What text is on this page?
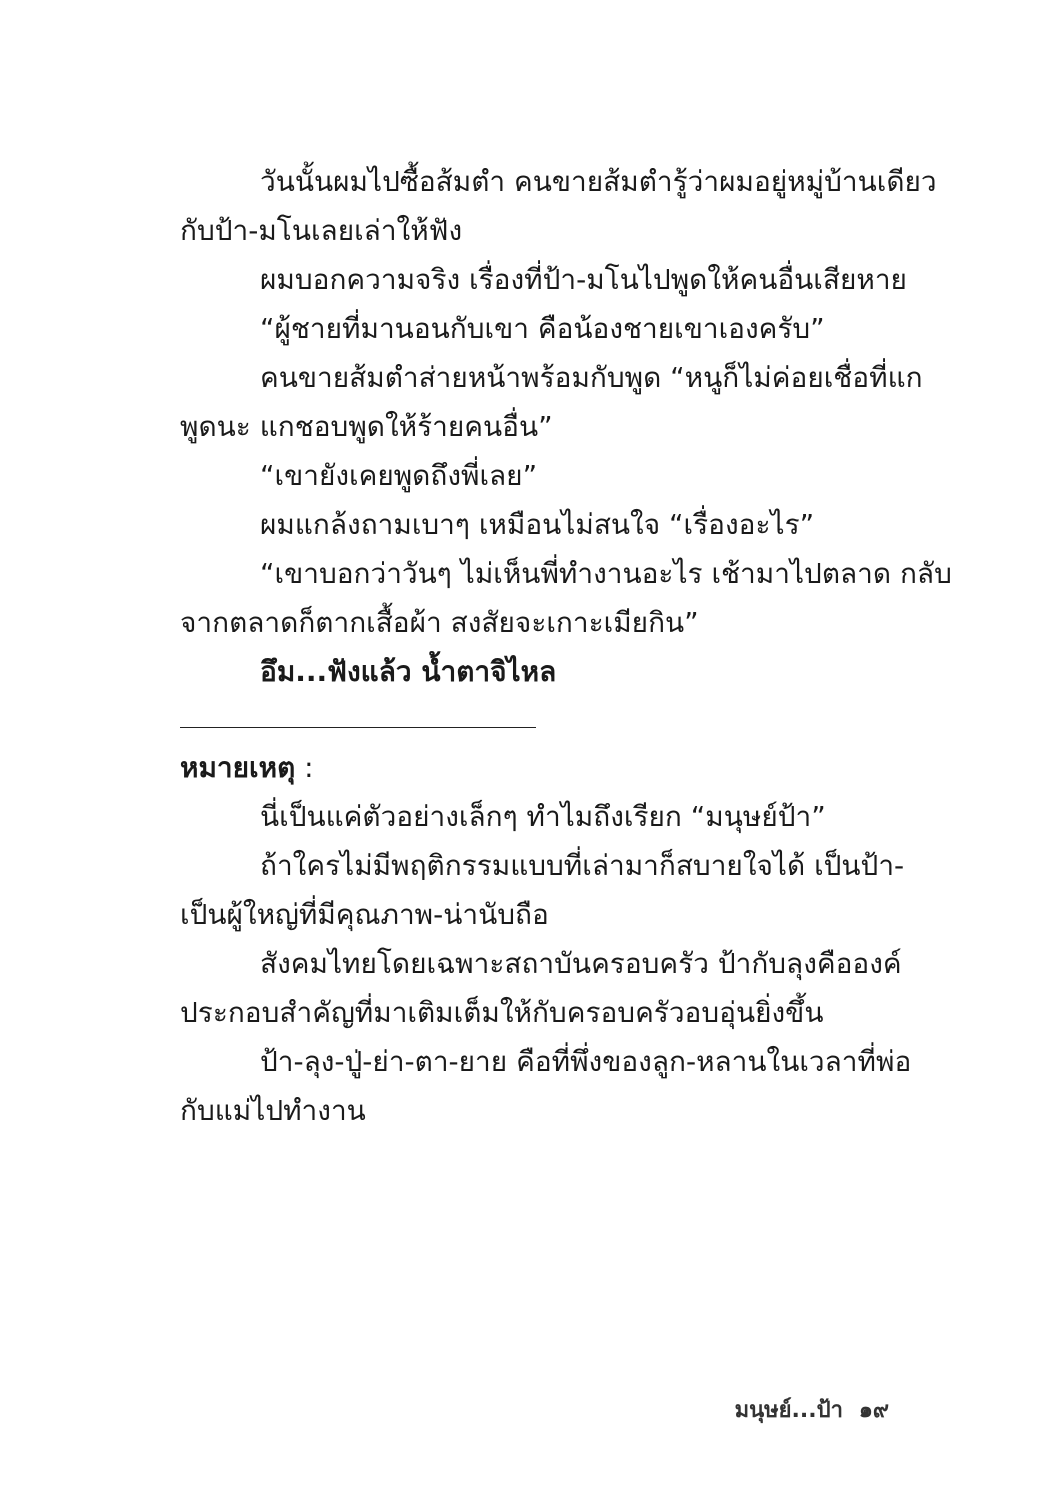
วันนั้นผมไปซื้อส้มตำ คนขายส้มตำรู้ว่าผมอยู่หมู่บ้านเดียว
กับป้า-มโนเลยเล่าให้ฟัง
ผมบอกความจริง เรื่องที่ป้า-มโนไปพูดให้คนอื่นเสียหาย
“ผู้ชายที่มานอนกับเขา คือน้องชายเขาเองครับ”
คนขายส้มตำส่ายหน้าพร้อมกับพูด “หนูก็ไม่ค่อยเชื่อที่แก
พูดนะ แกชอบพูดให้ร้ายคนอื่น”
“เขายังเคยพูดถึงพี่เลย”
ผมแกล้งถามเบาๆ เหมือนไม่สนใจ “เรื่องอะไร”
“เขาบอกว่าวันๆ ไม่เห็นพี่ทำงานอะไร เช้ามาไปตลาด กลับ
จากตลาดก็ตากเสื้อผ้า สงสัยจะเกาะเมียกิน”
อึม...ฟังแล้ว น้ำตาจิไหล
หมายเหตุ :
นี่เป็นแค่ตัวอย่างเล็กๆ ทำไมถึงเรียก “มนุษย์ป้า”
ถ้าใครไม่มีพฤติกรรมแบบที่เล่ามาก็สบายใจได้ เป็นป้า-
เป็นผู้ใหญ่ที่มีคุณภาพ-น่านับถือ
สังคมไทยโดยเฉพาะสถาบันครอบครัว ป้ากับลุงคือองค์
ประกอบสำคัญที่มาเติมเต็มให้กับครอบครัวอบอุ่นยิ่งขึ้น
ป้า-ลุง-ปู่-ย่า-ตา-ยาย คือที่พึ่งของลูก-หลานในเวลาที่พ่อ
กับแม่ไปทำงาน
มนุษย์...ป้า ๑๙
